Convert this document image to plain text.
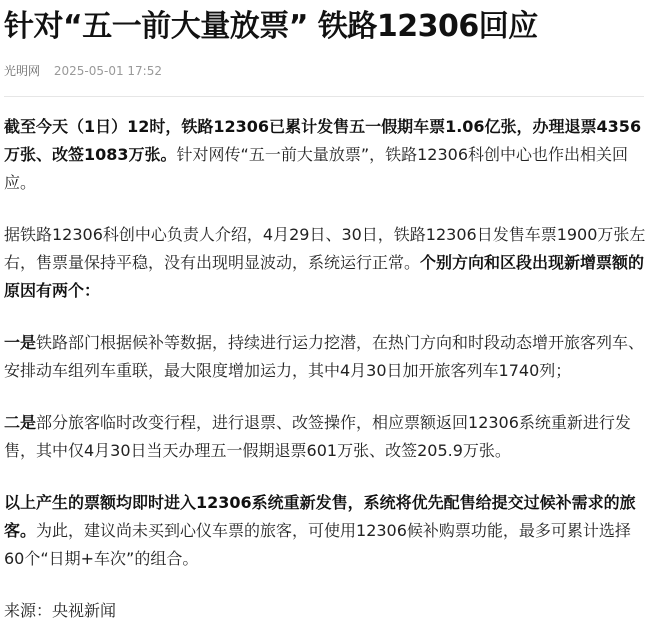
针对“五一前大量放票” 铁路12306回应
光明网 2025-05-01 17:52

截至今天（1日）12时，铁路12306已累计发售五一假期车票1.06亿张，办理退票4356万张、改签1083万张。针对网传“五一前大量放票”，铁路12306科创中心也作出相关回应。

据铁路12306科创中心负责人介绍，4月29日、30日，铁路12306日发售车票1900万张左右，售票量保持平稳，没有出现明显波动，系统运行正常。个别方向和区段出现新增票额的原因有两个：

一是铁路部门根据候补等数据，持续进行运力挖潜，在热门方向和时段动态增开旅客列车、安排动车组列车重联，最大限度增加运力，其中4月30日加开旅客列车1740列；

二是部分旅客临时改变行程，进行退票、改签操作，相应票额返回12306系统重新进行发售，其中仅4月30日当天办理五一假期退票601万张、改签205.9万张。

以上产生的票额均即时进入12306系统重新发售，系统将优先配售给提交过候补需求的旅客。为此，建议尚未买到心仪车票的旅客，可使用12306候补购票功能，最多可累计选择60个“日期+车次”的组合。

来源：央视新闻
